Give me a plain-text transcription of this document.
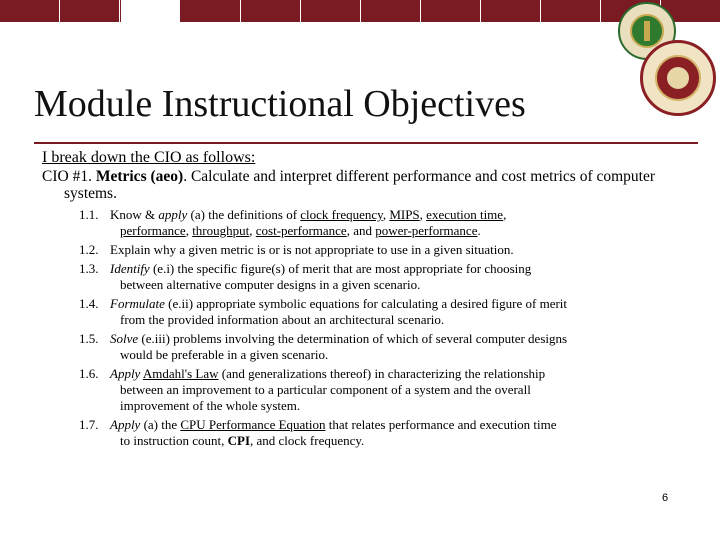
Module Instructional Objectives
I break down the CIO as follows:
CIO #1. Metrics (aeo). Calculate and interpret different performance and cost metrics of computer systems.
1.1. Know & apply (a) the definitions of clock frequency, MIPS, execution time,
performance, throughput, cost-performance, and power-performance.
1.2. Explain why a given metric is or is not appropriate to use in a given situation.
1.3. Identify (e.i) the specific figure(s) of merit that are most appropriate for choosing
between alternative computer designs in a given scenario.
1.4. Formulate (e.ii) appropriate symbolic equations for calculating a desired figure of merit
from the provided information about an architectural scenario.
1.5. Solve (e.iii) problems involving the determination of which of several computer designs
would be preferable in a given scenario.
1.6. Apply Amdahl's Law (and generalizations thereof) in characterizing the relationship
between an improvement to a particular component of a system and the overall
improvement of the whole system.
1.7. Apply (a) the CPU Performance Equation that relates performance and execution time
to instruction count, CPI, and clock frequency.
6
